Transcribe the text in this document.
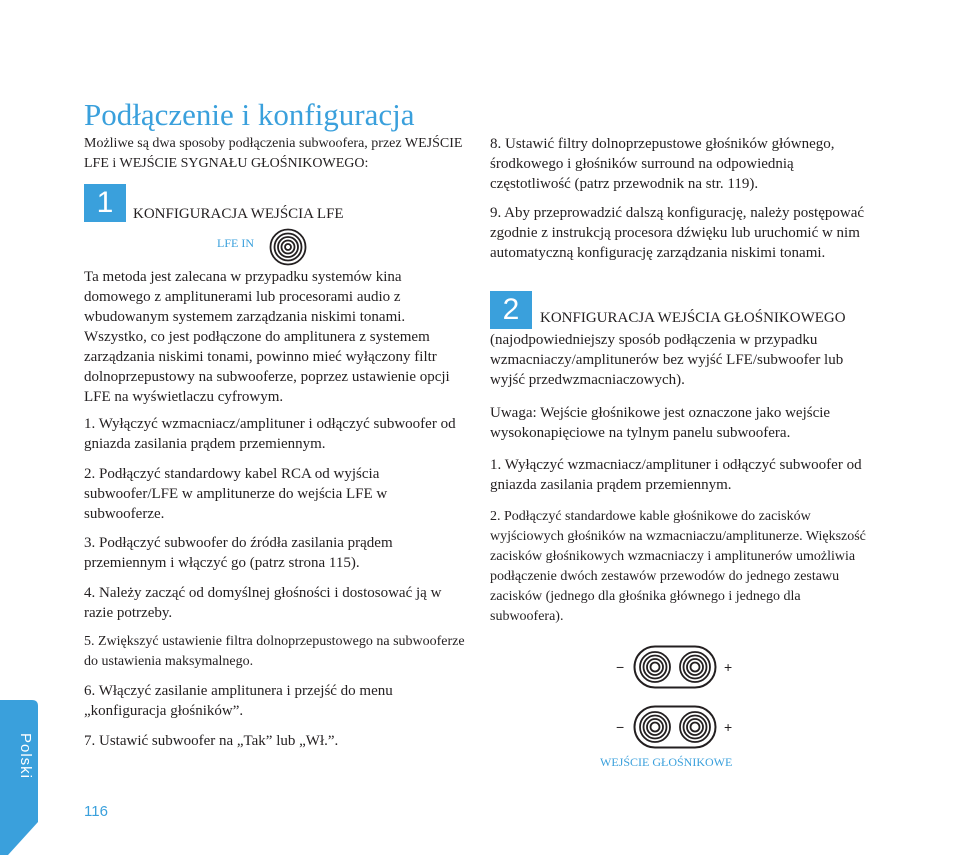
Podłączenie i konfiguracja

Możliwe są dwa sposoby podłączenia subwoofera, przez WEJŚCIE LFE i WEJŚCIE SYGNAŁU GŁOŚNIKOWEGO:

1 KONFIGURACJA WEJŚCIA LFE
LFE IN

Ta metoda jest zalecana w przypadku systemów kina domowego z amplitunerami lub procesorami audio z wbudowanym systemem zarządzania niskimi tonami. Wszystko, co jest podłączone do amplitunera z systemem zarządzania niskimi tonami, powinno mieć wyłączony filtr dolnoprzepustowy na subwooferze, poprzez ustawienie opcji LFE na wyświetlaczu cyfrowym.

1. Wyłączyć wzmacniacz/amplituner i odłączyć subwoofer od gniazda zasilania prądem przemiennym.

2. Podłączyć standardowy kabel RCA od wyjścia subwoofer/LFE w amplitunerze do wejścia LFE w subwooferze.

3. Podłączyć subwoofer do źródła zasilania prądem przemiennym i włączyć go (patrz strona 115).

4. Należy zacząć od domyślnej głośności i dostosować ją w razie potrzeby.

5. Zwiększyć ustawienie filtra dolnoprzepustowego na subwooferze do ustawienia maksymalnego.

6. Włączyć zasilanie amplitunera i przejść do menu „konfiguracja głośników”.

7. Ustawić subwoofer na „Tak” lub „Wł.”.

8. Ustawić filtry dolnoprzepustowe głośników głównego, środkowego i głośników surround na odpowiednią częstotliwość (patrz przewodnik na str. 119).

9. Aby przeprowadzić dalszą konfigurację, należy postępować zgodnie z instrukcją procesora dźwięku lub uruchomić w nim automatyczną konfigurację zarządzania niskimi tonami.

2 KONFIGURACJA WEJŚCIA GŁOŚNIKOWEGO

(najodpowiedniejszy sposób podłączenia w przypadku wzmacniaczy/amplitunerów bez wyjść LFE/subwoofer lub wyjść przedwzmacniaczowych).

Uwaga: Wejście głośnikowe jest oznaczone jako wejście wysokonapięciowe na tylnym panelu subwoofera.

1. Wyłączyć wzmacniacz/amplituner i odłączyć subwoofer od gniazda zasilania prądem przemiennym.

2. Podłączyć standardowe kable głośnikowe do zacisków wyjściowych głośników na wzmacniaczu/amplitunerze. Większość zacisków głośnikowych wzmacniaczy i amplitunerów umożliwia podłączenie dwóch zestawów przewodów do jednego zestawu zacisków (jednego dla głośnika głównego i jednego dla subwoofera).

−	+
−	+
WEJŚCIE GŁOŚNIKOWE
Polski
116
